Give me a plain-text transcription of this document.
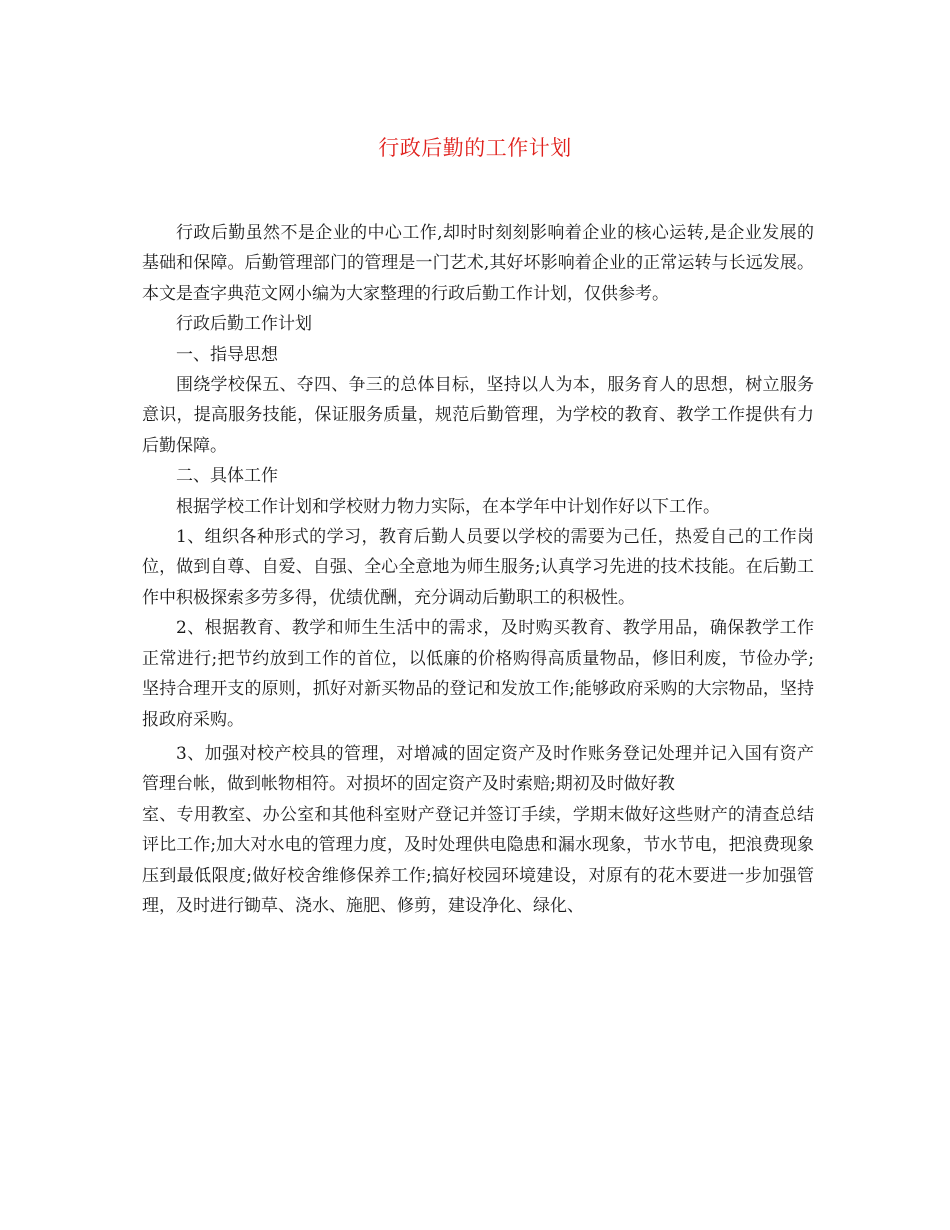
行政后勤的工作计划

行政后勤虽然不是企业的中心工作,却时时刻刻影响着企业的核心运转,是企业发展的基础和保障。后勤管理部门的管理是一门艺术,其好坏影响着企业的正常运转与长远发展。本文是查字典范文网小编为大家整理的行政后勤工作计划，仅供参考。

行政后勤工作计划

一、指导思想

围绕学校保五、夺四、争三的总体目标，坚持以人为本，服务育人的思想，树立服务意识，提高服务技能，保证服务质量，规范后勤管理，为学校的教育、教学工作提供有力后勤保障。

二、具体工作

根据学校工作计划和学校财力物力实际，在本学年中计划作好以下工作。

1、组织各种形式的学习，教育后勤人员要以学校的需要为己任，热爱自己的工作岗位，做到自尊、自爱、自强、全心全意地为师生服务;认真学习先进的技术技能。在后勤工作中积极探索多劳多得，优绩优酬，充分调动后勤职工的积极性。

2、根据教育、教学和师生生活中的需求，及时购买教育、教学用品，确保教学工作正常进行;把节约放到工作的首位，以低廉的价格购得高质量物品，修旧利废，节俭办学;坚持合理开支的原则，抓好对新买物品的登记和发放工作;能够政府采购的大宗物品，坚持报政府采购。

3、加强对校产校具的管理，对增减的固定资产及时作账务登记处理并记入国有资产管理台帐，做到帐物相符。对损坏的固定资产及时索赔;期初及时做好教

室、专用教室、办公室和其他科室财产登记并签订手续，学期末做好这些财产的清查总结评比工作;加大对水电的管理力度，及时处理供电隐患和漏水现象，节水节电，把浪费现象压到最低限度;做好校舍维修保养工作;搞好校园环境建设，对原有的花木要进一步加强管理，及时进行锄草、浇水、施肥、修剪，建设净化、绿化、
